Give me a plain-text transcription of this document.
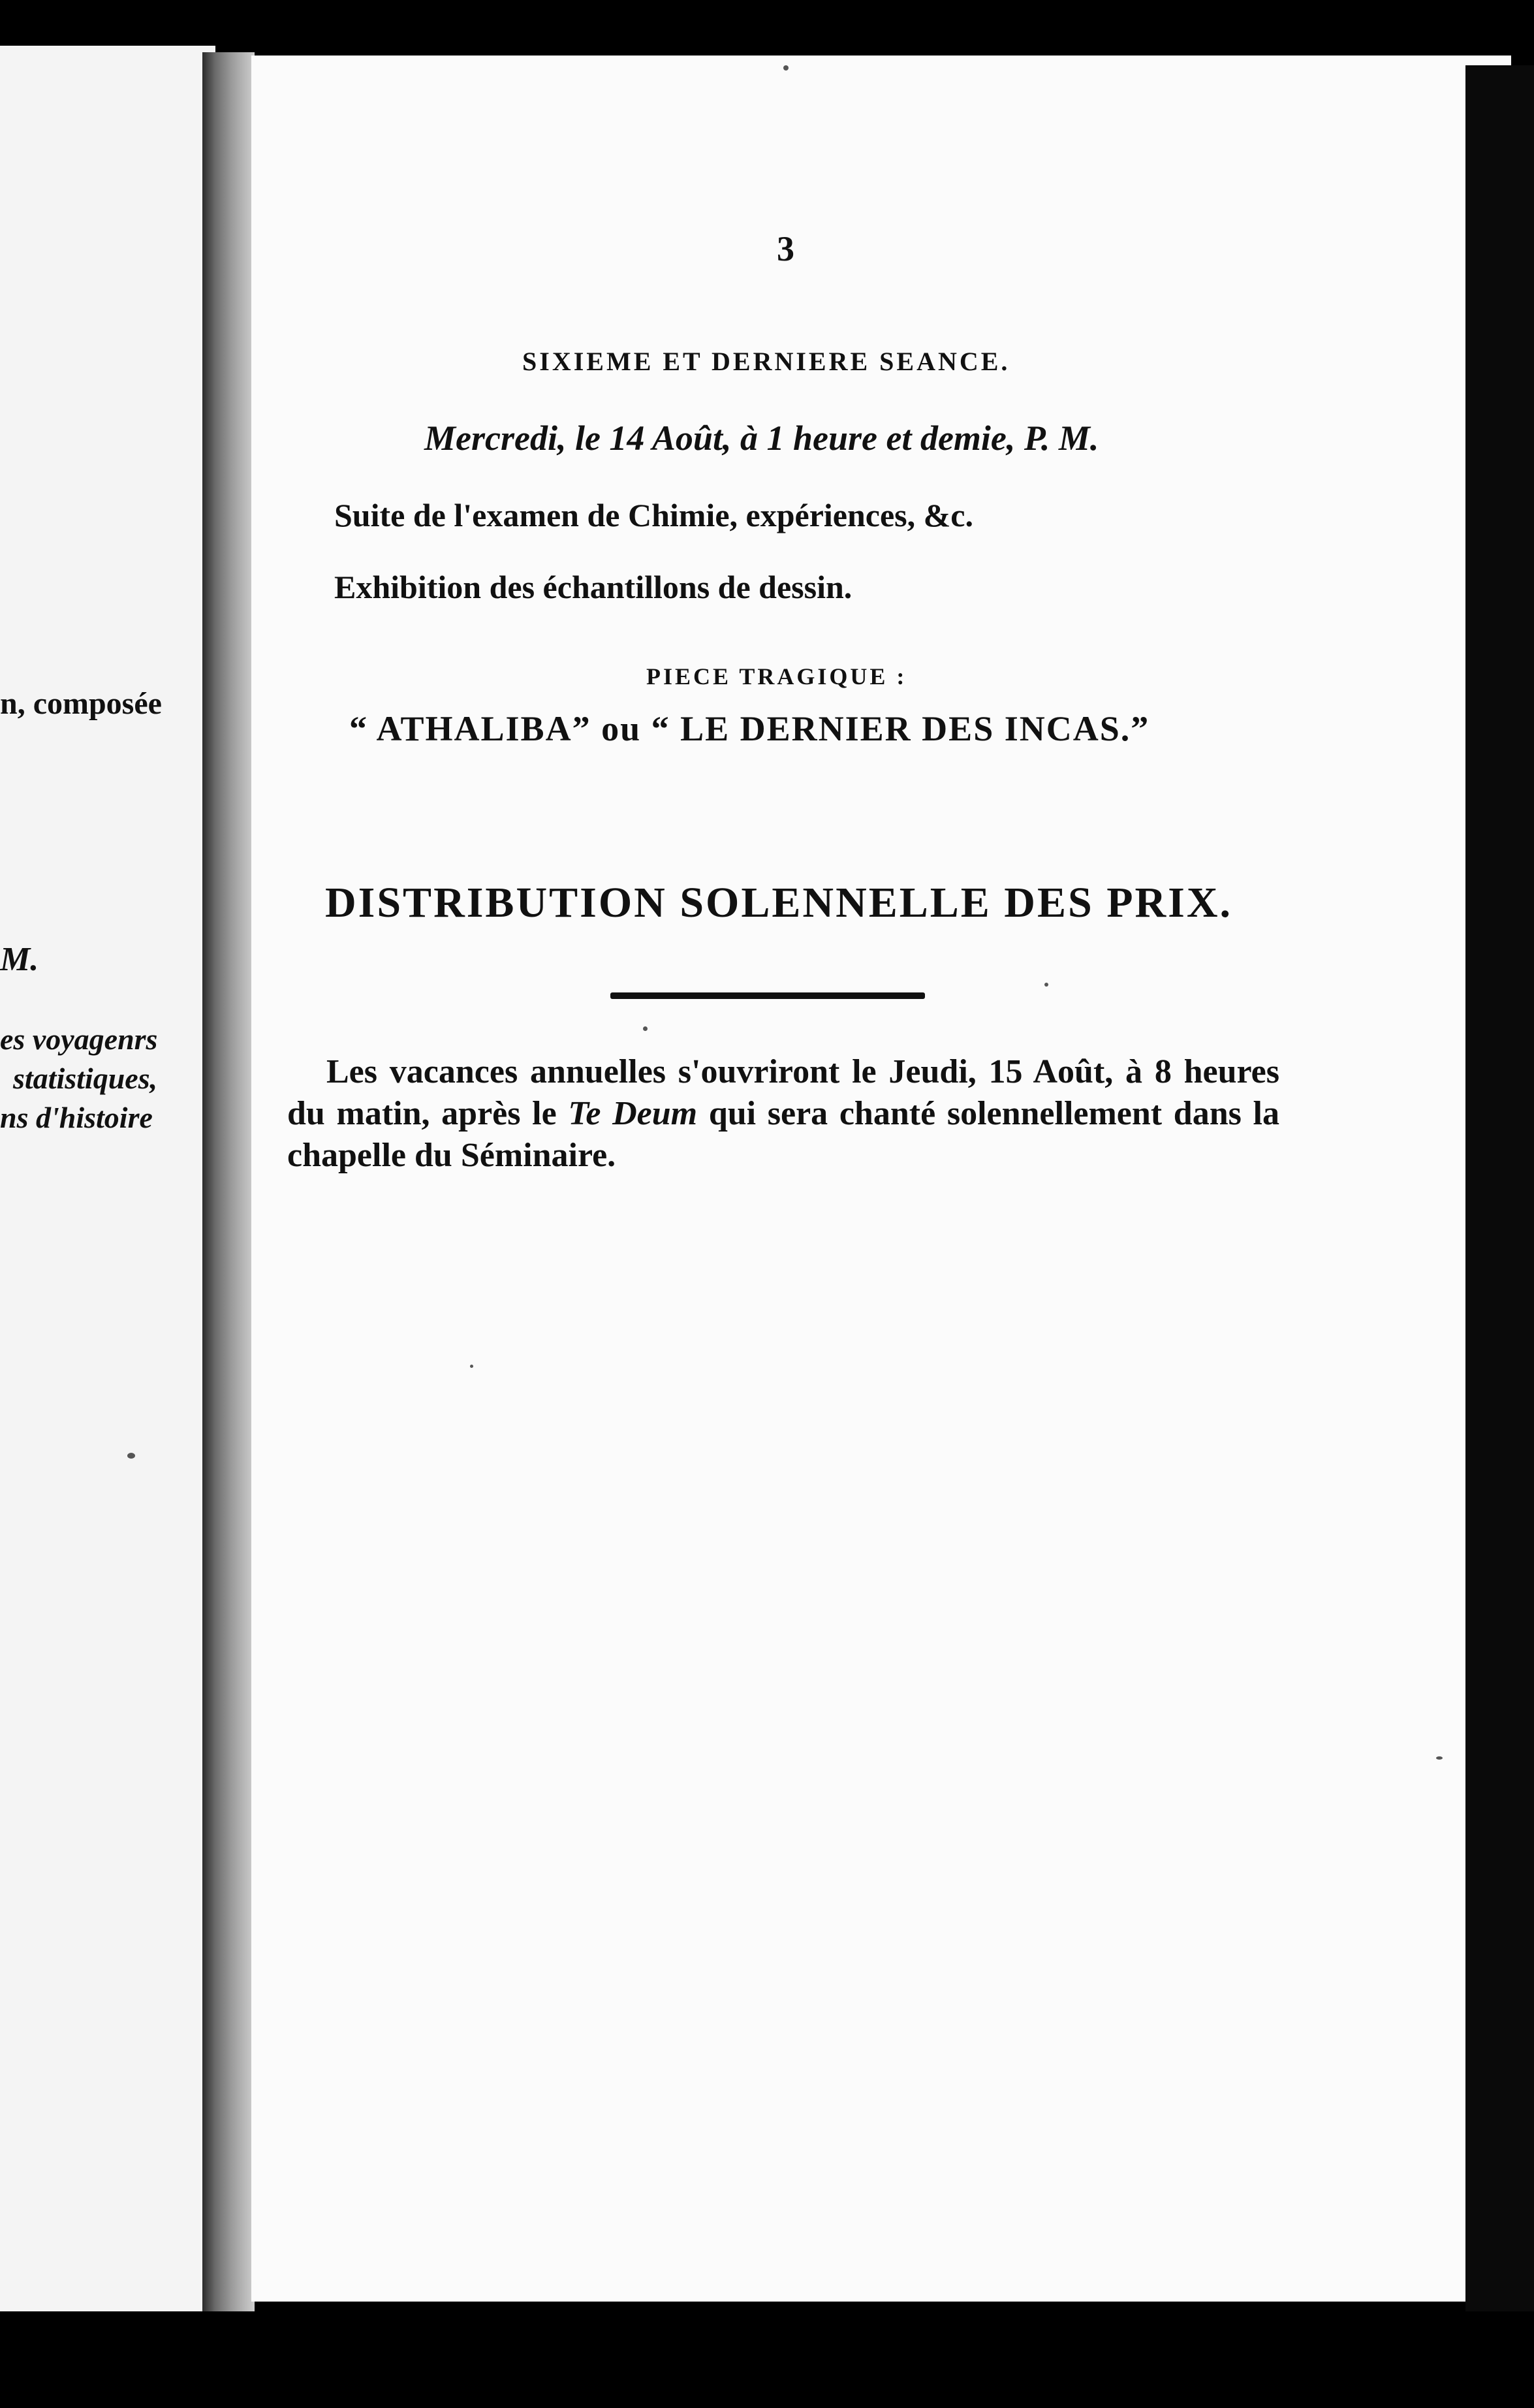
n, composée
M.
es voyagenrs
statistiques,
ns d'histoire
3
SIXIEME ET DERNIERE SEANCE.
Mercredi, le 14 Août, à 1 heure et demie, P. M.
Suite de l'examen de Chimie, expériences, &c.
Exhibition des échantillons de dessin.
PIECE TRAGIQUE :
“ ATHALIBA” ou “ LE DERNIER DES INCAS.”
DISTRIBUTION SOLENNELLE DES PRIX.
Les vacances annuelles s'ouvriront le Jeudi, 15 Août, à 8 heures du matin, après le Te Deum qui sera chanté solennellement dans la chapelle du Séminaire.
